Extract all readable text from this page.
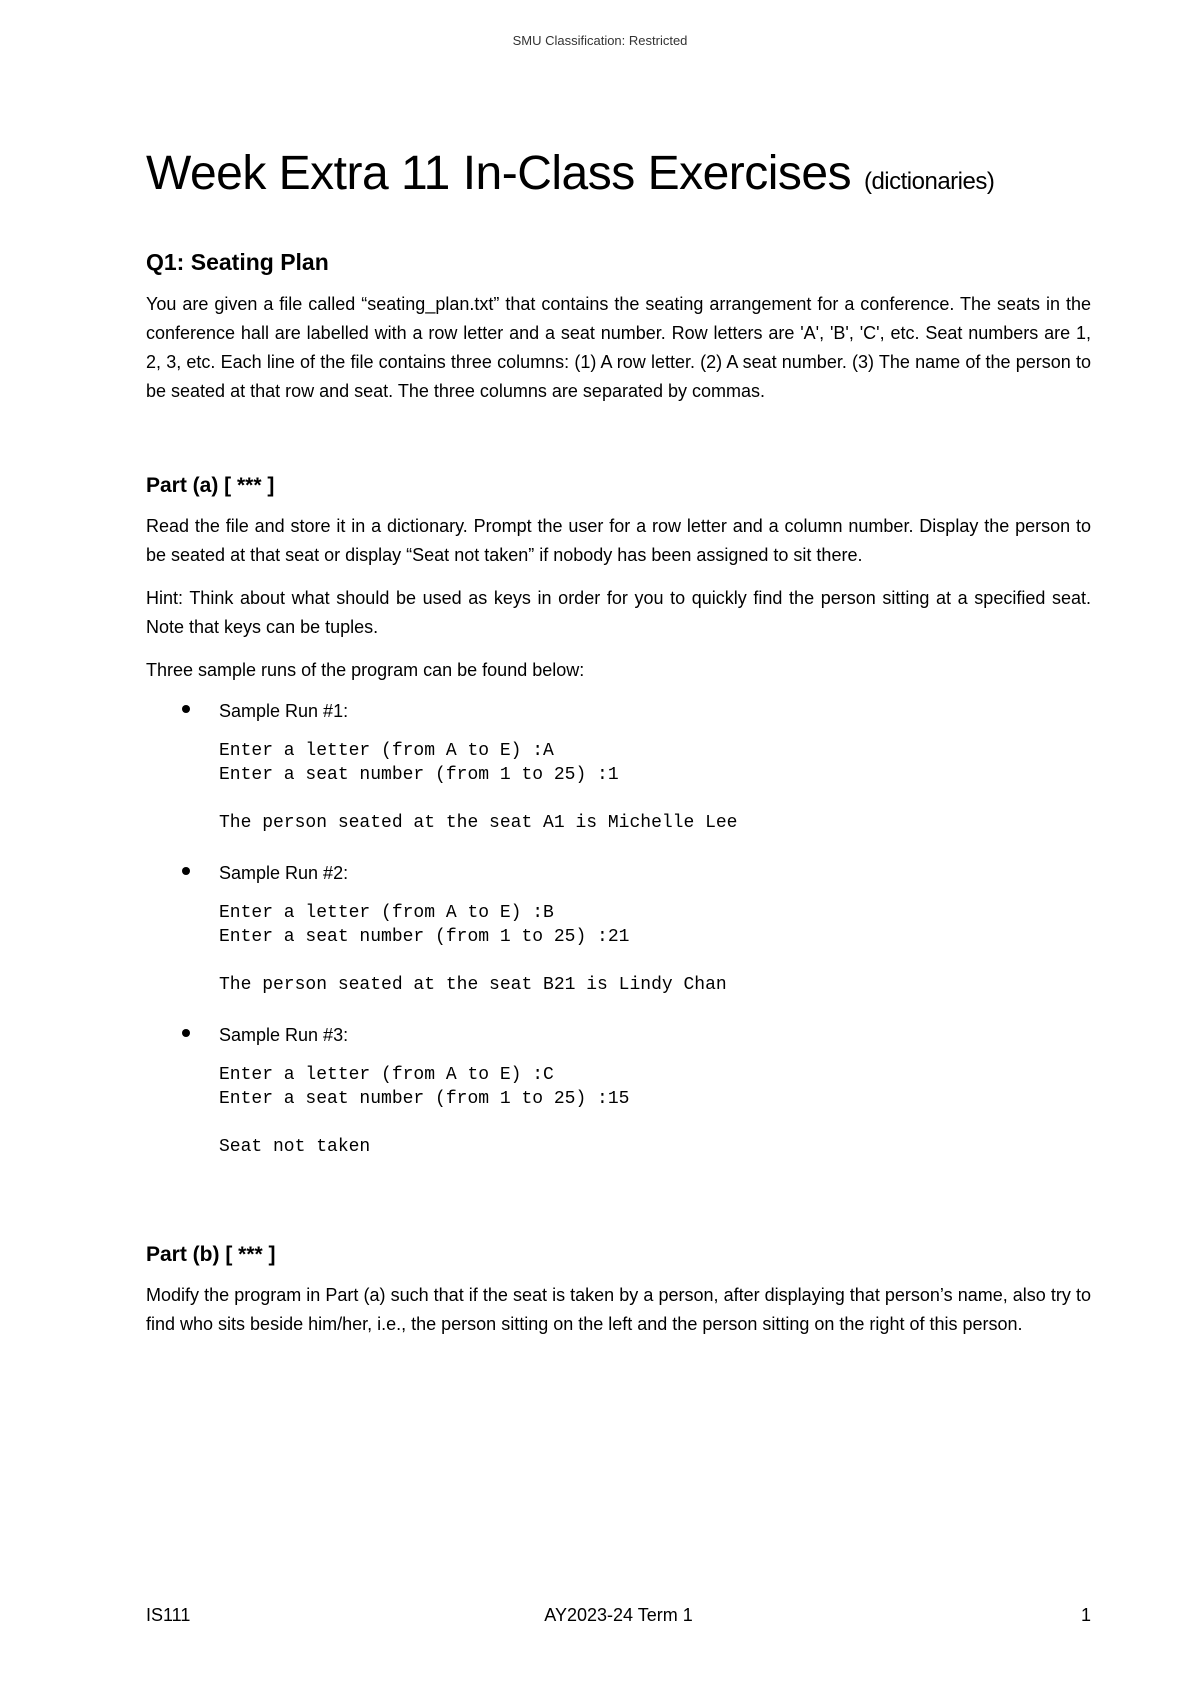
SMU Classification: Restricted
Week Extra 11 In-Class Exercises (dictionaries)
Q1: Seating Plan

You are given a file called “seating_plan.txt” that contains the seating arrangement for a conference. The seats in the conference hall are labelled with a row letter and a seat number. Row letters are 'A', 'B', 'C', etc. Seat numbers are 1, 2, 3, etc. Each line of the file contains three columns: (1) A row letter. (2) A seat number. (3) The name of the person to be seated at that row and seat. The three columns are separated by commas.

Part (a) [ *** ]

Read the file and store it in a dictionary. Prompt the user for a row letter and a column number. Display the person to be seated at that seat or display “Seat not taken” if nobody has been assigned to sit there.

Hint: Think about what should be used as keys in order for you to quickly find the person sitting at a specified seat. Note that keys can be tuples.

Three sample runs of the program can be found below:

Sample Run #1:
Enter a letter (from A to E) :A
Enter a seat number (from 1 to 25) :1
The person seated at the seat A1 is Michelle Lee
Sample Run #2:
Enter a letter (from A to E) :B
Enter a seat number (from 1 to 25) :21
The person seated at the seat B21 is Lindy Chan
Sample Run #3:
Enter a letter (from A to E) :C
Enter a seat number (from 1 to 25) :15
Seat not taken
Part (b) [ *** ]

Modify the program in Part (a) such that if the seat is taken by a person, after displaying that person’s name, also try to find who sits beside him/her, i.e., the person sitting on the left and the person sitting on the right of this person.

IS111	AY2023-24 Term 1	1
